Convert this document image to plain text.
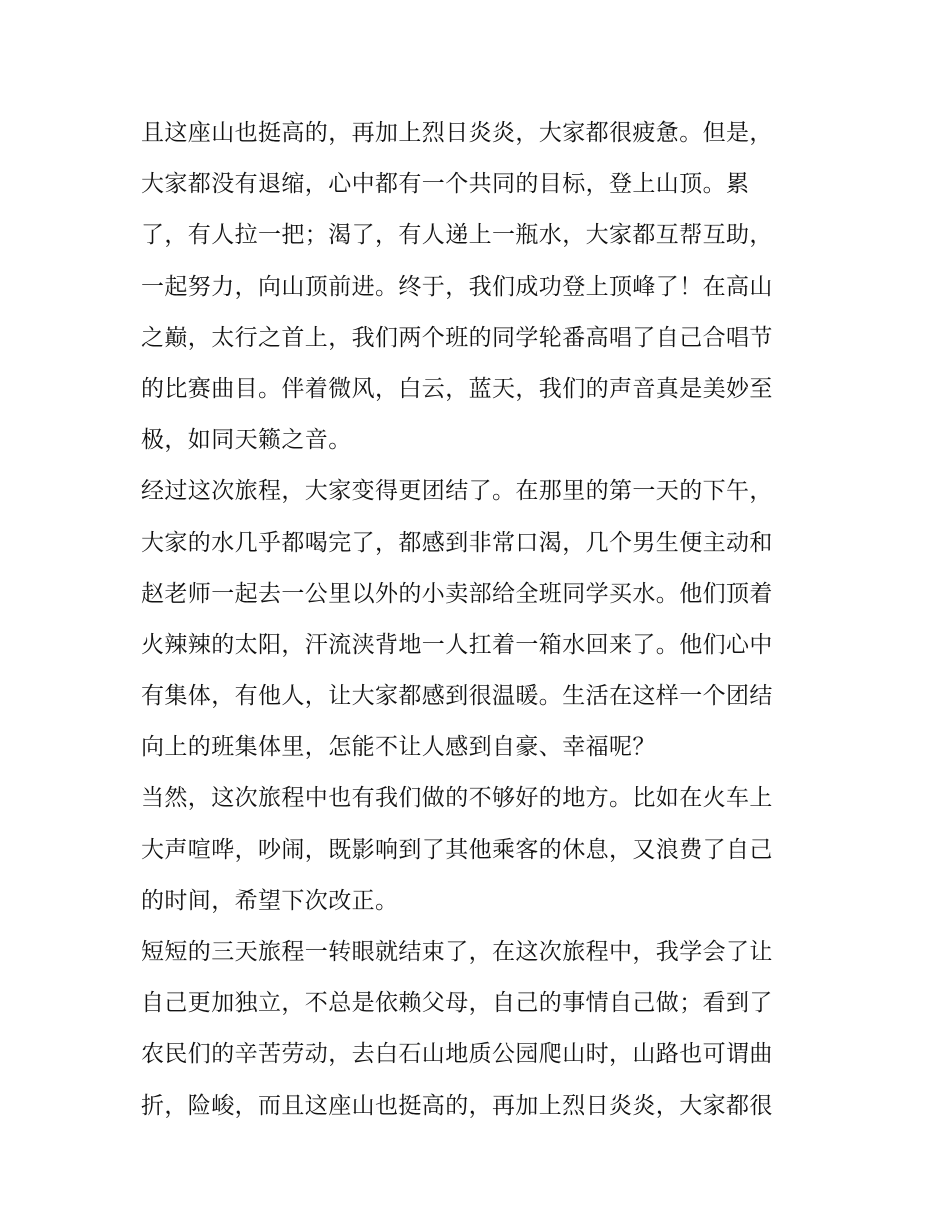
且这座山也挺高的，再加上烈日炎炎，大家都很疲惫。但是，
大家都没有退缩，心中都有一个共同的目标，登上山顶。累
了，有人拉一把；渴了，有人递上一瓶水，大家都互帮互助，
一起努力，向山顶前进。终于，我们成功登上顶峰了！在高山
之巅，太行之首上，我们两个班的同学轮番高唱了自己合唱节
的比赛曲目。伴着微风，白云，蓝天，我们的声音真是美妙至
极，如同天籁之音。
经过这次旅程，大家变得更团结了。在那里的第一天的下午，
大家的水几乎都喝完了，都感到非常口渴，几个男生便主动和
赵老师一起去一公里以外的小卖部给全班同学买水。他们顶着
火辣辣的太阳，汗流浃背地一人扛着一箱水回来了。他们心中
有集体，有他人，让大家都感到很温暖。生活在这样一个团结
向上的班集体里，怎能不让人感到自豪、幸福呢？
当然，这次旅程中也有我们做的不够好的地方。比如在火车上
大声喧哗，吵闹，既影响到了其他乘客的休息，又浪费了自己
的时间，希望下次改正。
短短的三天旅程一转眼就结束了，在这次旅程中，我学会了让
自己更加独立，不总是依赖父母，自己的事情自己做；看到了
农民们的辛苦劳动，去白石山地质公园爬山时，山路也可谓曲
折，险峻，而且这座山也挺高的，再加上烈日炎炎，大家都很
